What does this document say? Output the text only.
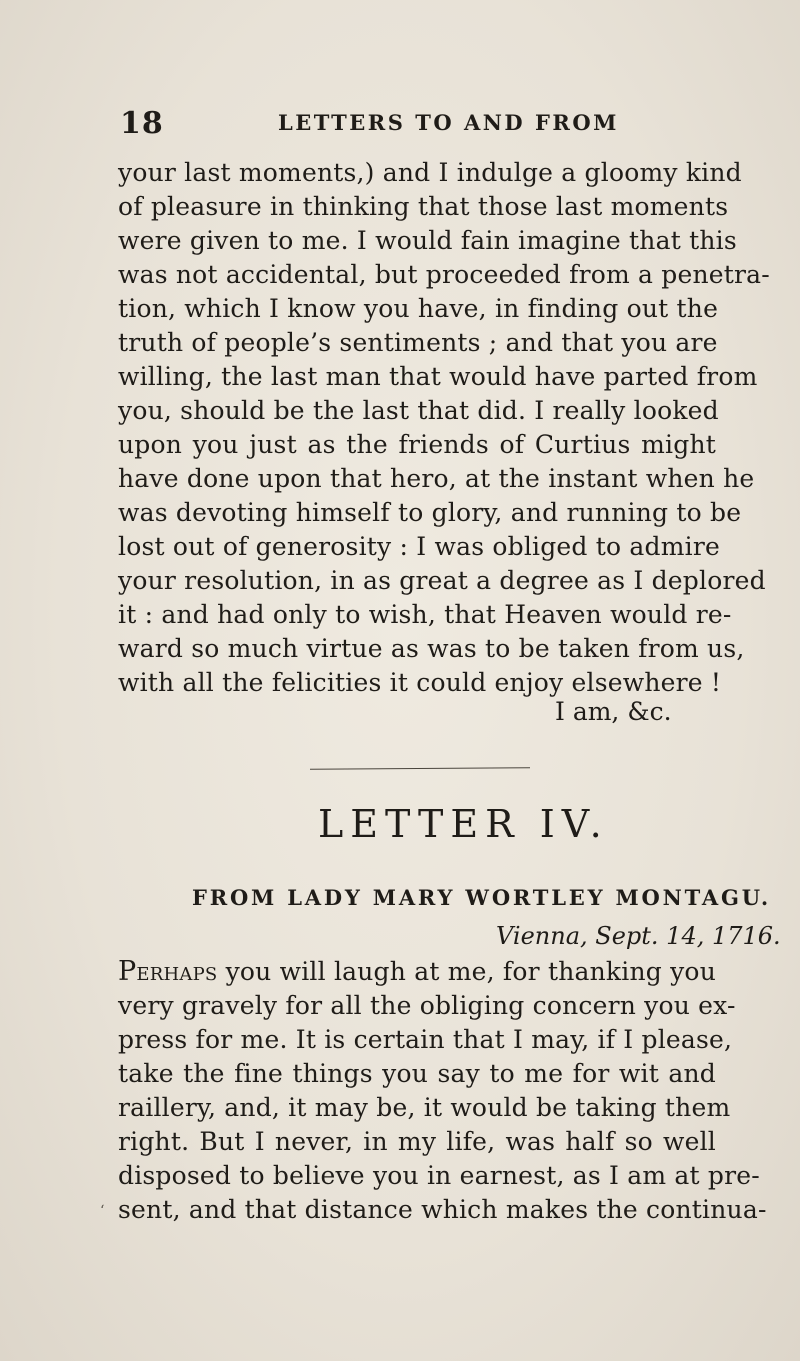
18	LETTERS TO AND FROM
your last moments,) and I indulge a gloomy kind
of pleasure in thinking that those last moments
were given to me. I would fain imagine that this
was not accidental, but proceeded from a penetra-
tion, which I know you have, in finding out the
truth of people’s sentiments ; and that you are
willing, the last man that would have parted from
you, should be the last that did. I really looked
upon you just as the friends of Curtius might
have done upon that hero, at the instant when he
was devoting himself to glory, and running to be
lost out of generosity : I was obliged to admire
your resolution, in as great a degree as I deplored
it : and had only to wish, that Heaven would re-
ward so much virtue as was to be taken from us,
with all the felicities it could enjoy elsewhere !
I am, &c.
LETTER IV.
FROM LADY MARY WORTLEY MONTAGU.
Vienna, Sept. 14, 1716.
Perhaps you will laugh at me, for thanking you
very gravely for all the obliging concern you ex-
press for me. It is certain that I may, if I please,
take the fine things you say to me for wit and
raillery, and, it may be, it would be taking them
right. But I never, in my life, was half so well
disposed to believe you in earnest, as I am at pre-
sent, and that distance which makes the continua-
‘
